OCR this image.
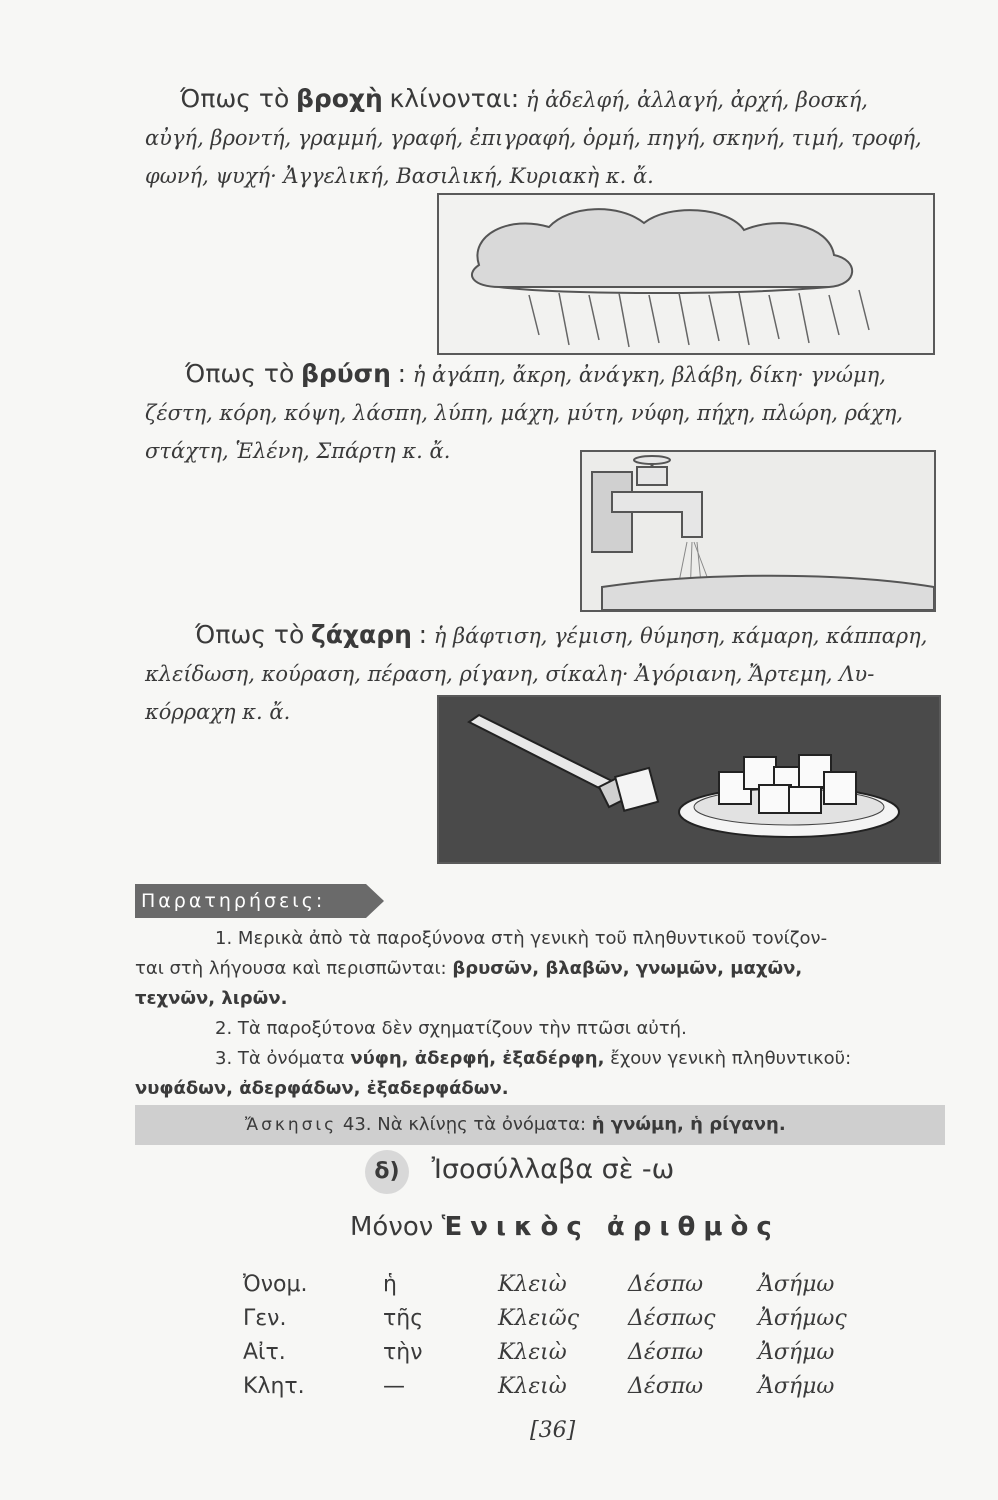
Όπως τὸ βροχὴ κλίνονται: ἡ ἀδελφή, ἀλλαγή, ἀρχή, βοσκή,
αὐγή, βροντή, γραμμή, γραφή, ἐπιγραφή, ὁρμή, πηγή, σκηνή, τιμή, τροφή,
φωνή, ψυχή· Ἀγγελική, Βασιλική, Κυριακὴ κ. ἄ.
Όπως τὸ βρύση : ἡ ἀγάπη, ἄκρη, ἀνάγκη, βλάβη, δίκη· γνώμη,
ζέστη, κόρη, κόψη, λάσπη, λύπη, μάχη, μύτη, νύφη, πήχη, πλώρη, ράχη,
στάχτη, Ἑλένη, Σπάρτη κ. ἄ.
Όπως τὸ ζάχαρη : ἡ βάφτιση, γέμιση, θύμηση, κάμαρη, κάππαρη,
κλείδωση, κούραση, πέραση, ρίγανη, σίκαλη· Ἀγόριανη, Ἄρτεμη, Λυ-
κόρραχη κ. ἄ.
Παρατηρήσεις:
1. Μερικὰ ἀπὸ τὰ παροξύνονα στὴ γενικὴ τοῦ πληθυντικοῦ τονίζον-
ται στὴ λήγουσα καὶ περισπῶνται: βρυσῶν, βλαβῶν, γνωμῶν, μαχῶν,
τεχνῶν, λιρῶν.
2. Τὰ παροξύτονα δὲν σχηματίζουν τὴν πτῶσι αὐτή.
3. Τὰ ὀνόματα νύφη, ἀδερφή, ἐξαδέρφη, ἔχουν γενικὴ πληθυντικοῦ:
νυφάδων, ἀδερφάδων, ἐξαδερφάδων.
Ἄσκησις 43. Νὰ κλίνῃς τὰ ὀνόματα: ἡ γνώμη, ἡ ρίγανη.
δ) Ἰσοσύλλαβα σὲ -ω
Μόνον Ἑνικὸς ἀριθμὸς
Ὀνομ.	ἡ	Κλειὼ	Δέσπω	Ἀσήμω
Γεν.	τῆς	Κλειῶς	Δέσπως	Ἀσήμως
Αἰτ.	τὴν	Κλειὼ	Δέσπω	Ἀσήμω
Κλητ.	—	Κλειὼ	Δέσπω	Ἀσήμω
[36]
